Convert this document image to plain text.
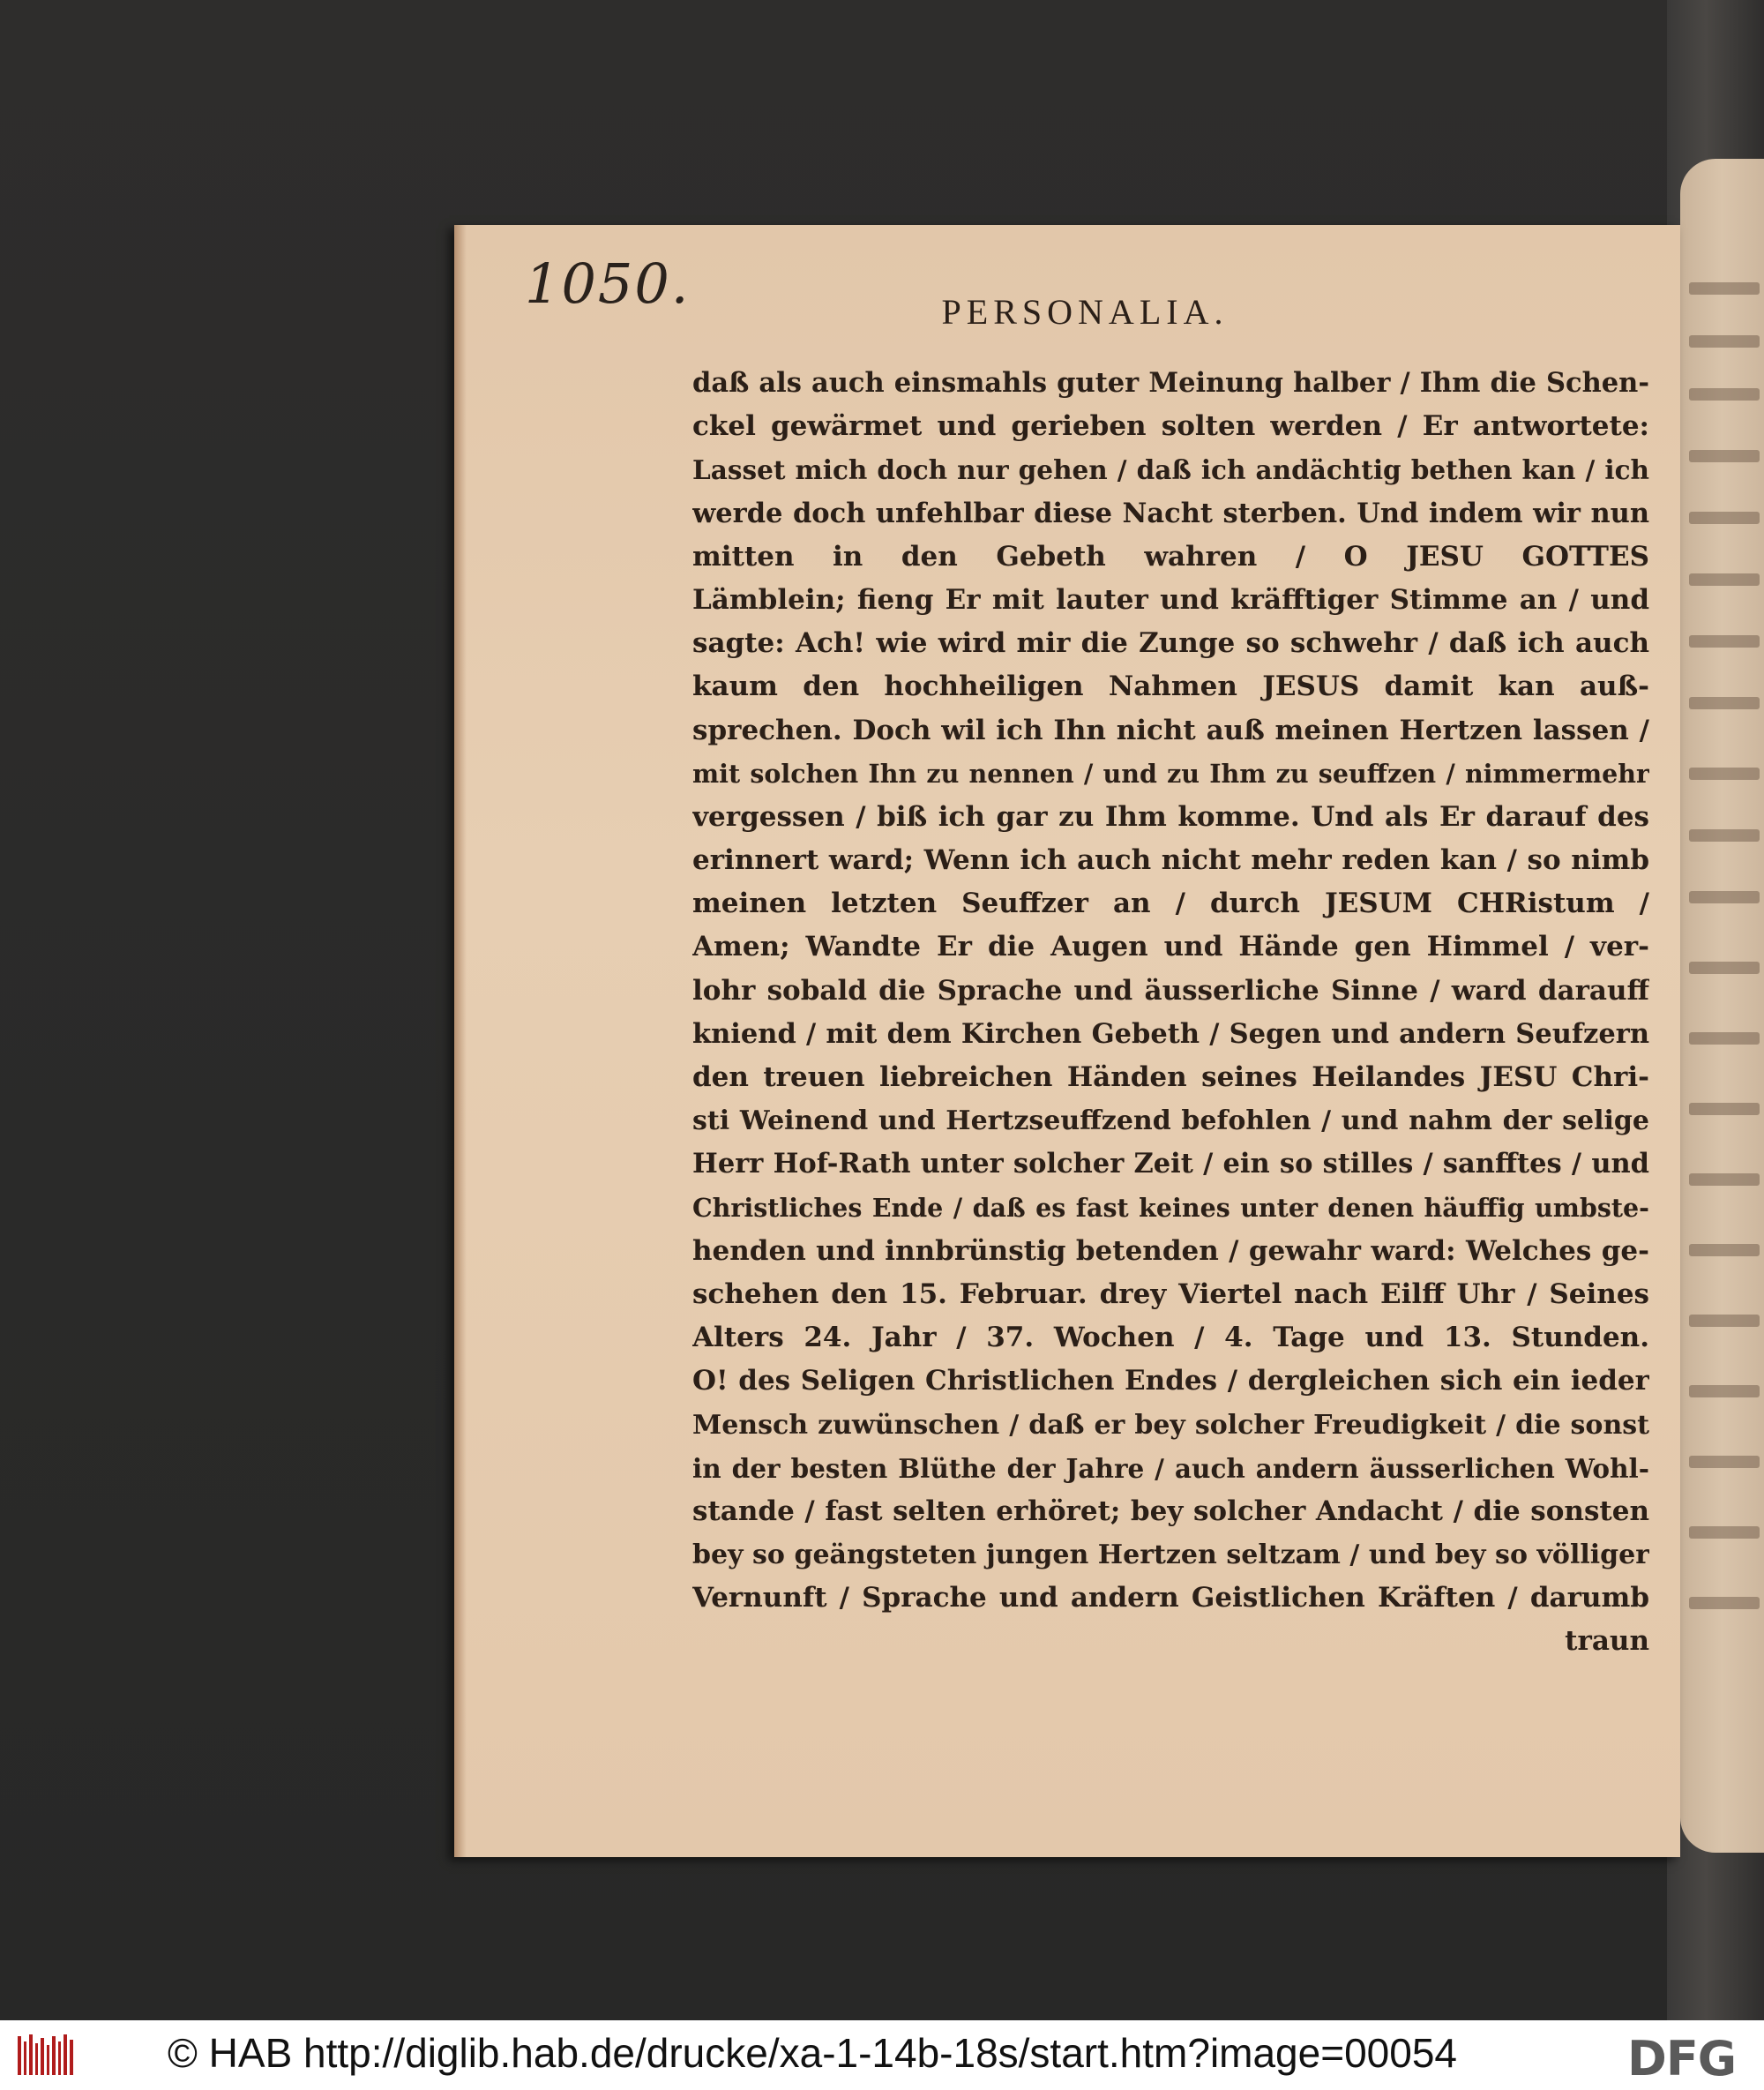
1050.	PERSONALIA.
daß als auch einsmahls guter Meinung halber / Ihm die Schen-
ckel gewärmet und gerieben solten werden / Er antwortete:
Lasset mich doch nur gehen / daß ich andächtig bethen kan / ich
werde doch unfehlbar diese Nacht sterben. Und indem wir nun
mitten in den Gebeth wahren / O JESU GOTTES
Lämblein; fieng Er mit lauter und kräfftiger Stimme an / und
sagte: Ach! wie wird mir die Zunge so schwehr / daß ich auch
kaum den hochheiligen Nahmen JESUS damit kan auß-
sprechen. Doch wil ich Ihn nicht auß meinen Hertzen lassen /
mit solchen Ihn zu nennen / und zu Ihm zu seuffzen / nimmermehr
vergessen / biß ich gar zu Ihm komme. Und als Er darauf des
erinnert ward; Wenn ich auch nicht mehr reden kan / so nimb
meinen letzten Seuffzer an / durch JESUM CHRistum /
Amen; Wandte Er die Augen und Hände gen Himmel / ver-
lohr sobald die Sprache und äusserliche Sinne / ward darauff
kniend / mit dem Kirchen Gebeth / Segen und andern Seufzern
den treuen liebreichen Händen seines Heilandes JESU Chri-
sti Weinend und Hertzseuffzend befohlen / und nahm der selige
Herr Hof-Rath unter solcher Zeit / ein so stilles / sanfftes / und
Christliches Ende / daß es fast keines unter denen häuffig umbste-
henden und innbrünstig betenden / gewahr ward: Welches ge-
schehen den 15. Februar. drey Viertel nach Eilff Uhr / Seines
Alters 24. Jahr / 37. Wochen / 4. Tage und 13. Stunden.
O! des Seligen Christlichen Endes / dergleichen sich ein ieder
Mensch zuwünschen / daß er bey solcher Freudigkeit / die sonst
in der besten Blüthe der Jahre / auch andern äusserlichen Wohl-
stande / fast selten erhöret; bey solcher Andacht / die sonsten
bey so geängsteten jungen Hertzen seltzam / und bey so völliger
Vernunft / Sprache und andern Geistlichen Kräften / darumb
traun
© HAB http://diglib.hab.de/drucke/xa-1-14b-18s/start.htm?image=00054	DFG
